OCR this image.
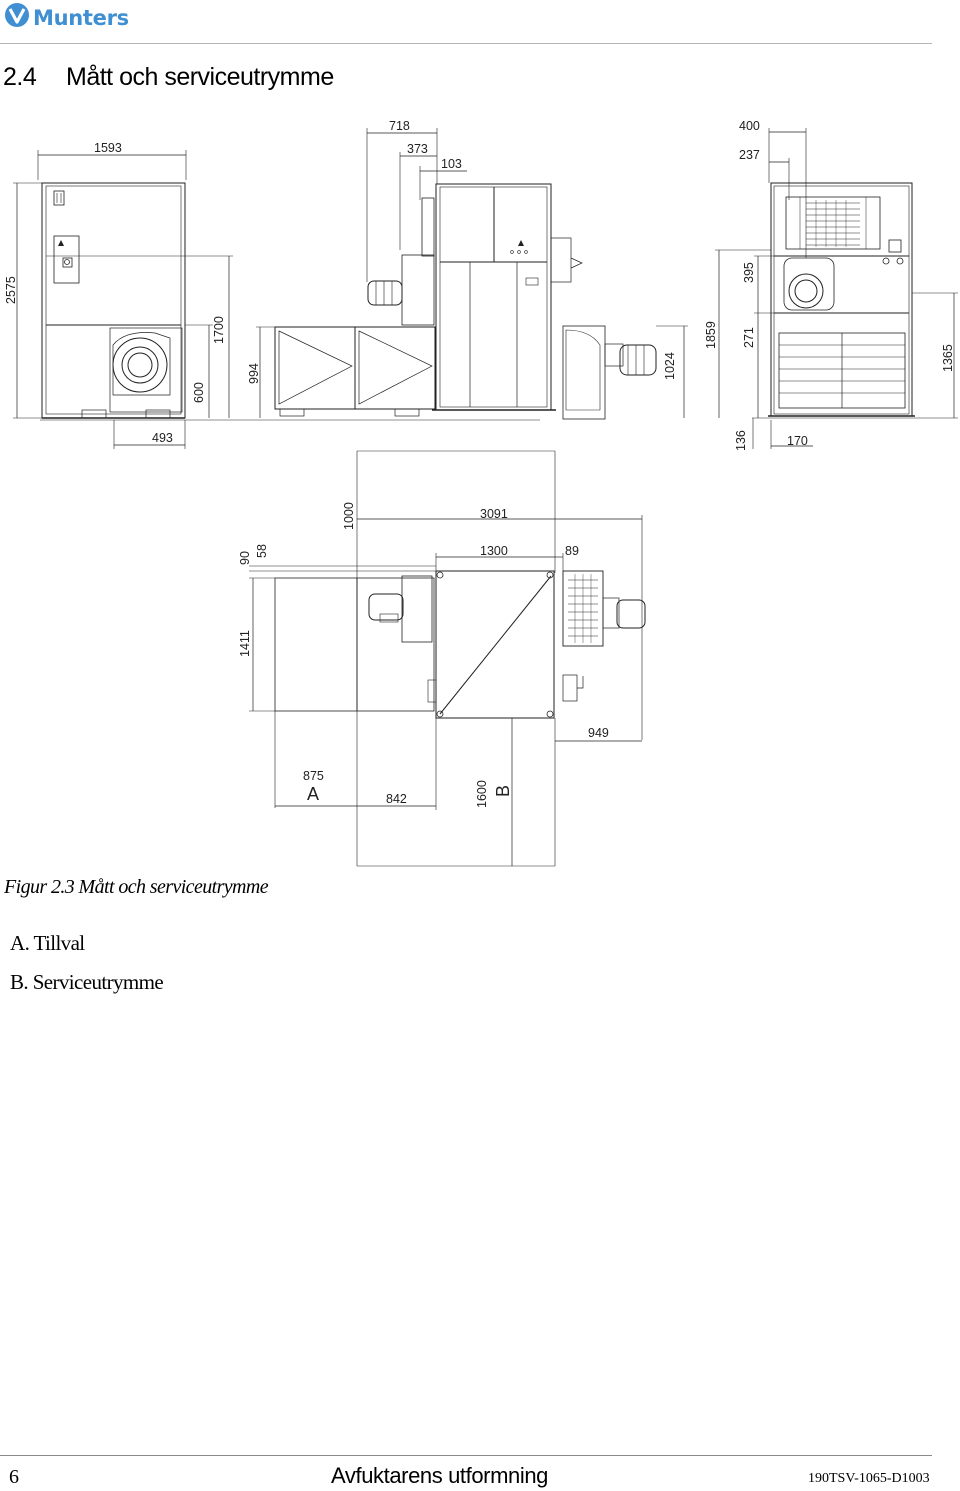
Munters
2.4 Mått och serviceutrymme
1593
718
373
103
2575
1700
600
994	1024
493
400
237
1859
395
271
1365
136	170
1000	3091
90
58	1300	89
1411
949
875
A	842	1600 B
Figur 2.3 Mått och serviceutrymme
A. Tillval
B. Serviceutrymme
6	Avfuktarens utformning	190TSV-1065-D1003
